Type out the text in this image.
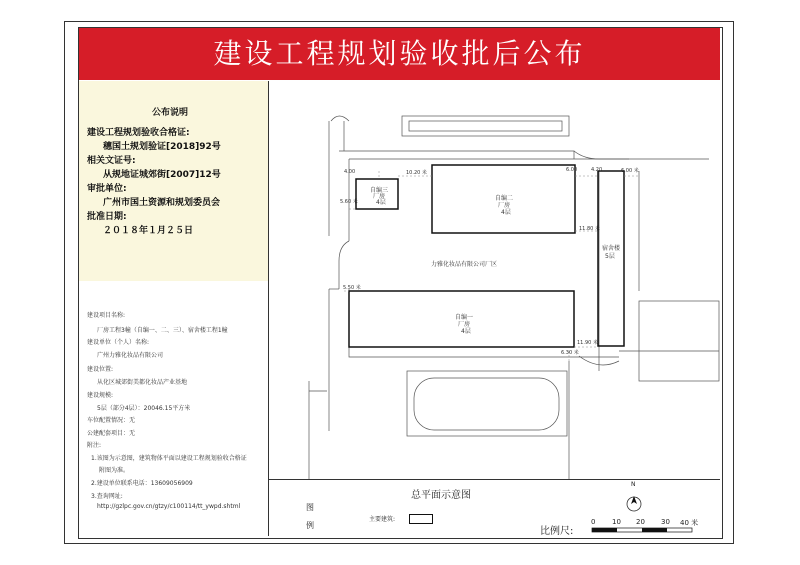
建设工程规划验收批后公布
公布说明
建设工程规划验收合格证:
穗国土规划验证[2018]92号
相关文证号:
从规地证城郊街[2007]12号
审批单位:
广州市国土资源和规划委员会
批准日期:
２０１８年１月２５日
建设项目名称:
厂房工程3幢（自编一、二、三）、宿舍楼工程1幢
建设单位（个人）名称:
广州力雅化妆品有限公司
建设位置:
从化区城郊街美都化妆品产业基地
建设规模:
5层（部分4层）：20046.15平方米
车位配置情况：无
公建配套项目：无
附注:
1.该图为示意图，建筑物体平面以建设工程规划验收合格证
附图为准。
2.建设单位联系电话：13609056909
3.查询网址:
http://gzlpc.gov.cn/gtzy/c100114/tt_ywpd.shtml
力雅化妆品有限公司厂区
自编三
厂房
4层
自编二
厂房
4层
自编一
厂房
4层
宿舍楼
5层
4.00	10.20 米	6.00	4.20	6.00 米
5.60 米
11.80 米
5.50 米
11.90 米
6.30 米
总平面示意图
图
例
主要建筑:
N
比例尺:
0 10 20 30 40 米
